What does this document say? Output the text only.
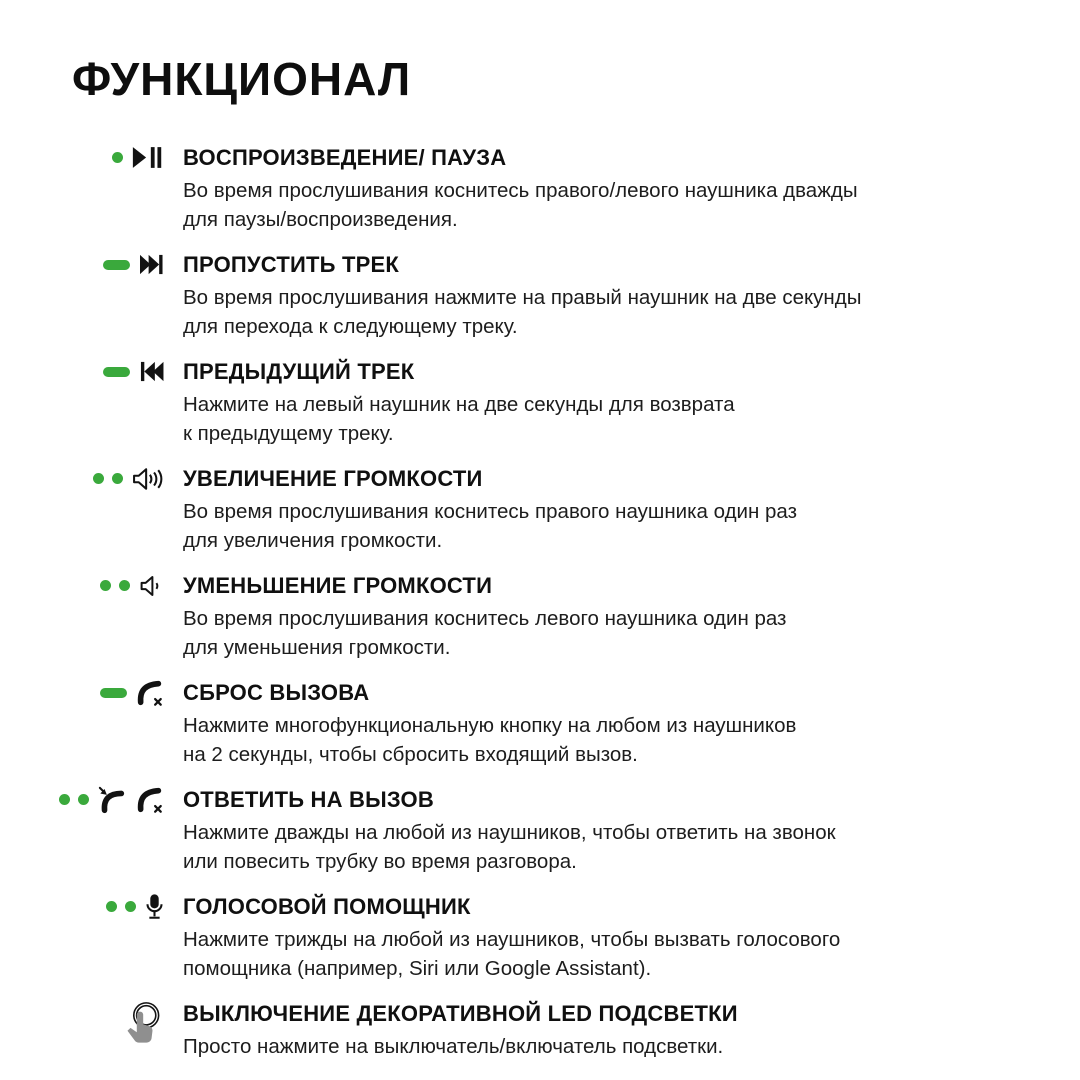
ФУНКЦИОНАЛ
ВОСПРОИЗВЕДЕНИЕ/ ПАУЗА
Во время прослушивания коснитесь правого/левого наушника дважды
для паузы/воспроизведения.
ПРОПУСТИТЬ ТРЕК
Во время прослушивания нажмите на правый наушник на две секунды
для перехода к следующему треку.
ПРЕДЫДУЩИЙ ТРЕК
Нажмите на левый наушник на две секунды для возврата
к предыдущему треку.
УВЕЛИЧЕНИЕ ГРОМКОСТИ
Во время прослушивания коснитесь правого наушника один раз
для увеличения громкости.
УМЕНЬШЕНИЕ ГРОМКОСТИ
Во время прослушивания коснитесь левого наушника один раз
для уменьшения громкости.
СБРОС ВЫЗОВА
Нажмите многофункциональную кнопку на любом из наушников
на 2 секунды, чтобы сбросить входящий вызов.
ОТВЕТИТЬ НА ВЫЗОВ
Нажмите дважды на любой из наушников, чтобы ответить на звонок
или повесить трубку во время разговора.
ГОЛОСОВОЙ ПОМОЩНИК
Нажмите трижды на любой из наушников, чтобы вызвать голосового
помощника (например, Siri или Google Assistant).
ВЫКЛЮЧЕНИЕ ДЕКОРАТИВНОЙ LED ПОДСВЕТКИ
Просто нажмите на выключатель/включатель подсветки.
